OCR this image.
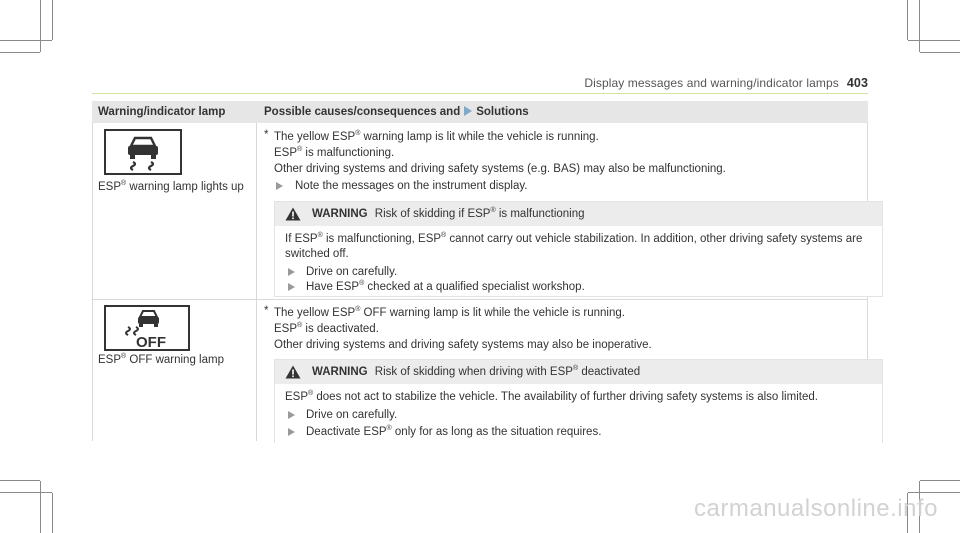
Display messages and warning/indicator lamps 403
Warning/indicator lamp	Possible causes/consequences and Solutions
ESP® warning lamp lights up
* The yellow ESP® warning lamp is lit while the vehicle is running.
ESP® is malfunctioning.
Other driving systems and driving safety systems (e.g. BAS) may also be malfunctioning.
Note the messages on the instrument display.
WARNING Risk of skidding if ESP® is malfunctioning
If ESP® is malfunctioning, ESP® cannot carry out vehicle stabilization. In addition, other driving safety systems are
switched off.
Drive on carefully.
Have ESP® checked at a qualified specialist workshop.
OFF
ESP® OFF warning lamp
* The yellow ESP® OFF warning lamp is lit while the vehicle is running.
ESP® is deactivated.
Other driving systems and driving safety systems may also be inoperative.
WARNING Risk of skidding when driving with ESP® deactivated
ESP® does not act to stabilize the vehicle. The availability of further driving safety systems is also limited.
Drive on carefully.
Deactivate ESP® only for as long as the situation requires.
carmanualsonline.info
